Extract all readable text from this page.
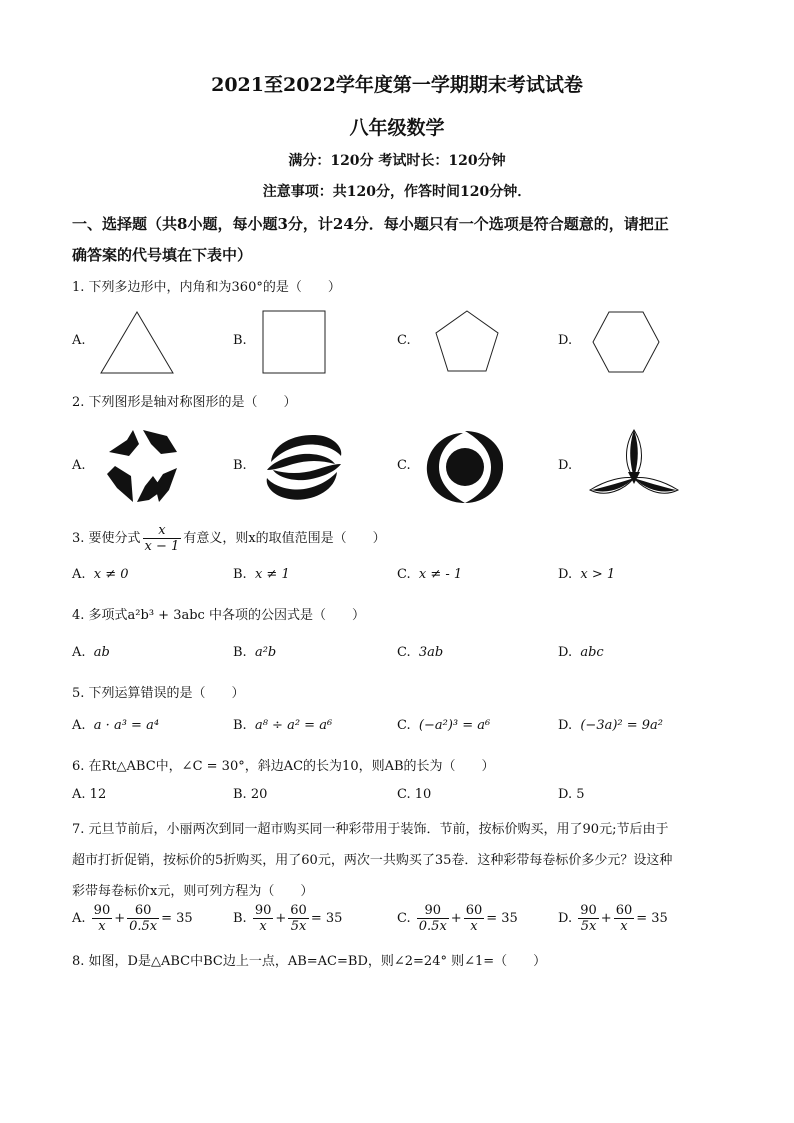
2021至2022学年度第一学期期末考试试卷
八年级数学
满分：120分 考试时长：120分钟
注意事项：共120分，作答时间120分钟．
一、选择题（共8小题，每小题3分，计24分．每小题只有一个选项是符合题意的，请把正
确答案的代号填在下表中）
1. 下列多边形中，内角和为360°的是（　　）
A.	B.	C.	D.
2. 下列图形是轴对称图形的是（　　）
A.	B.	C.	D.
3. 要使分式 $\frac{x}{x - 1}$ 有意义，则x的取值范围是（　　）
A. x ≠ 0	B. x ≠ 1	C. x ≠ - 1	D. x > 1
4. 多项式a²b³ + 3abc 中各项的公因式是（　　）
A. ab	B. a²b	C. 3ab	D. abc
5. 下列运算错误的是（　　）
A. a · a³ = a⁴	B. a⁸ ÷ a² = a⁶	C. (−a²)³ = a⁶	D. (−3a)² = 9a²
6. 在Rt△ABC中，∠C = 30°，斜边AC的长为10，则AB的长为（　　）
A. 12	B. 20	C. 10	D. 5
7. 元旦节前后，小丽两次到同一超市购买同一种彩带用于装饰．节前，按标价购买，用了90元;节后由于
超市打折促销，按标价的5折购买，用了60元，两次一共购买了35卷．这种彩带每卷标价多少元？设这种
彩带每卷标价x元，则可列方程为（　　）
A. $\frac{90}{x} + \frac{60}{0.5x} = 35$	B. $\frac{90}{x} + \frac{60}{5x} = 35$	C. $\frac{90}{0.5x} + \frac{60}{x} = 35$	D. $\frac{90}{5x} + \frac{60}{x} = 35$
8. 如图，D是△ABC中BC边上一点，AB=AC=BD，则∠2=24° 则∠1=（　　）
